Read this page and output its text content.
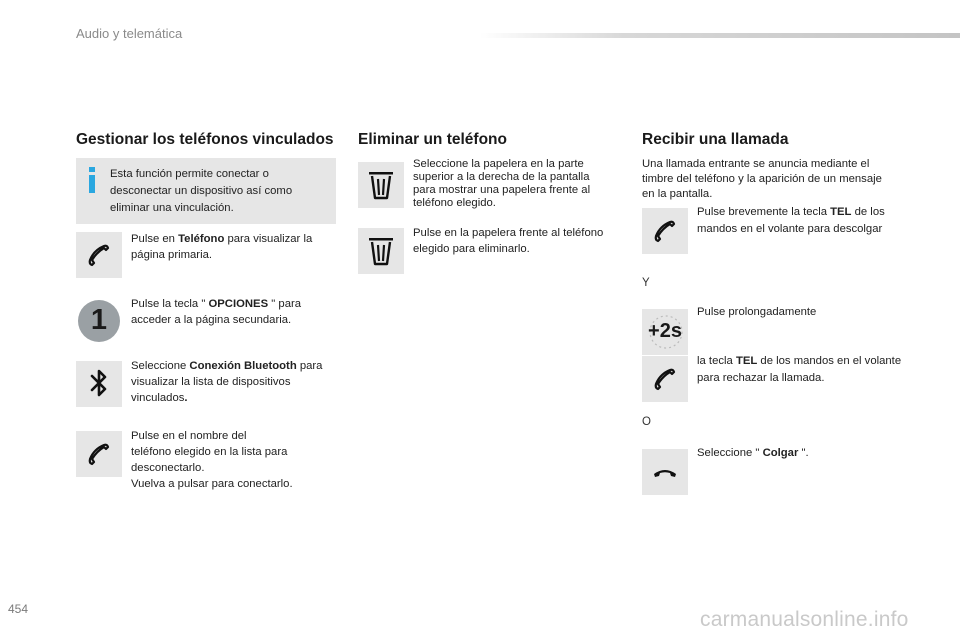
Audio y telemática
Gestionar los teléfonos vinculados
Esta función permite conectar o desconectar un dispositivo así como eliminar una vinculación.
Pulse en Teléfono para visualizar la página primaria.
1	Pulse la tecla " OPCIONES " para acceder a la página secundaria.
Seleccione Conexión Bluetooth para visualizar la lista de dispositivos vinculados.
Pulse en el nombre del
teléfono elegido en la lista para
desconectarlo.
Vuelva a pulsar para conectarlo.
Eliminar un teléfono
Seleccione la papelera en la parte superior a la derecha de la pantalla para mostrar una papelera frente al teléfono elegido.
Pulse en la papelera frente al teléfono elegido para eliminarlo.
Recibir una llamada
Una llamada entrante se anuncia mediante el timbre del teléfono y la aparición de un mensaje en la pantalla.
Pulse brevemente la tecla TEL de los mandos en el volante para descolgar
Y
+2s
Pulse prolongadamente
la tecla TEL de los mandos en el volante para rechazar la llamada.
O
Seleccione " Colgar ".
454	carmanualsonline.info
